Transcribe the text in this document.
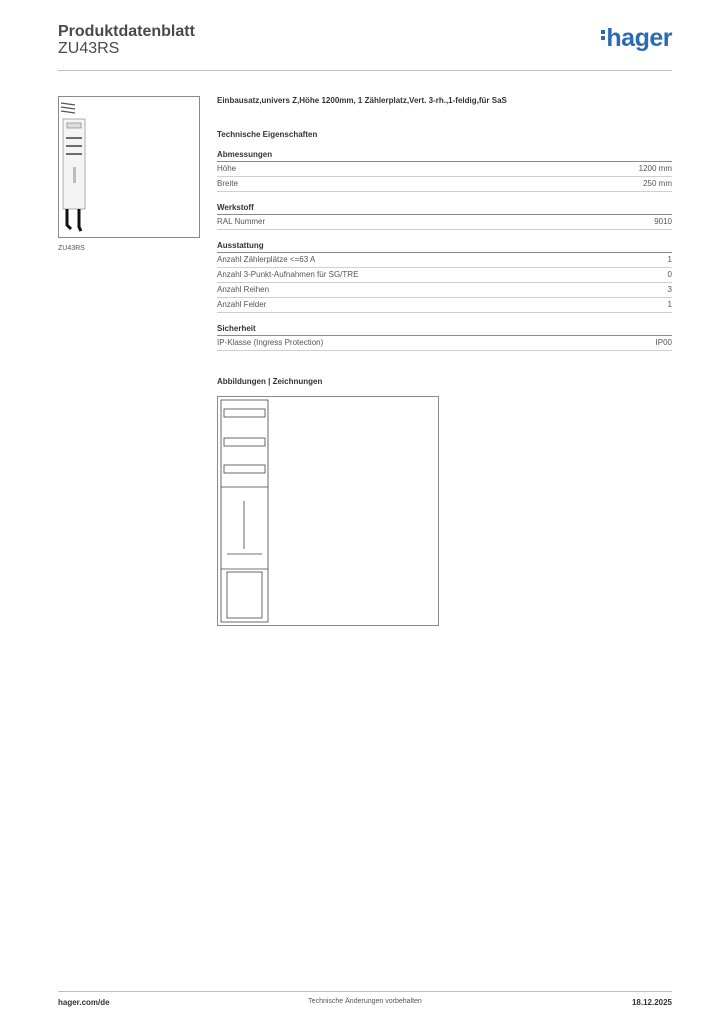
Produktdatenblatt
ZU43RS	hager
ZU43RS
Einbausatz,univers Z,Höhe 1200mm, 1 Zählerplatz,Vert. 3-rh.,1-feldig,für SaS
Technische Eigenschaften
Abmessungen
Höhe	1200 mm
Breite	250 mm
Werkstoff
RAL Nummer	9010
Ausstattung
Anzahl Zählerplätze <=63 A	1
Anzahl 3-Punkt-Aufnahmen für SG/TRE	0
Anzahl Reihen	3
Anzahl Felder	1
Sicherheit
IP-Klasse (Ingress Protection)	IP00
Abbildungen | Zeichnungen
hager.com/de	Technische Änderungen vorbehalten	18.12.2025
